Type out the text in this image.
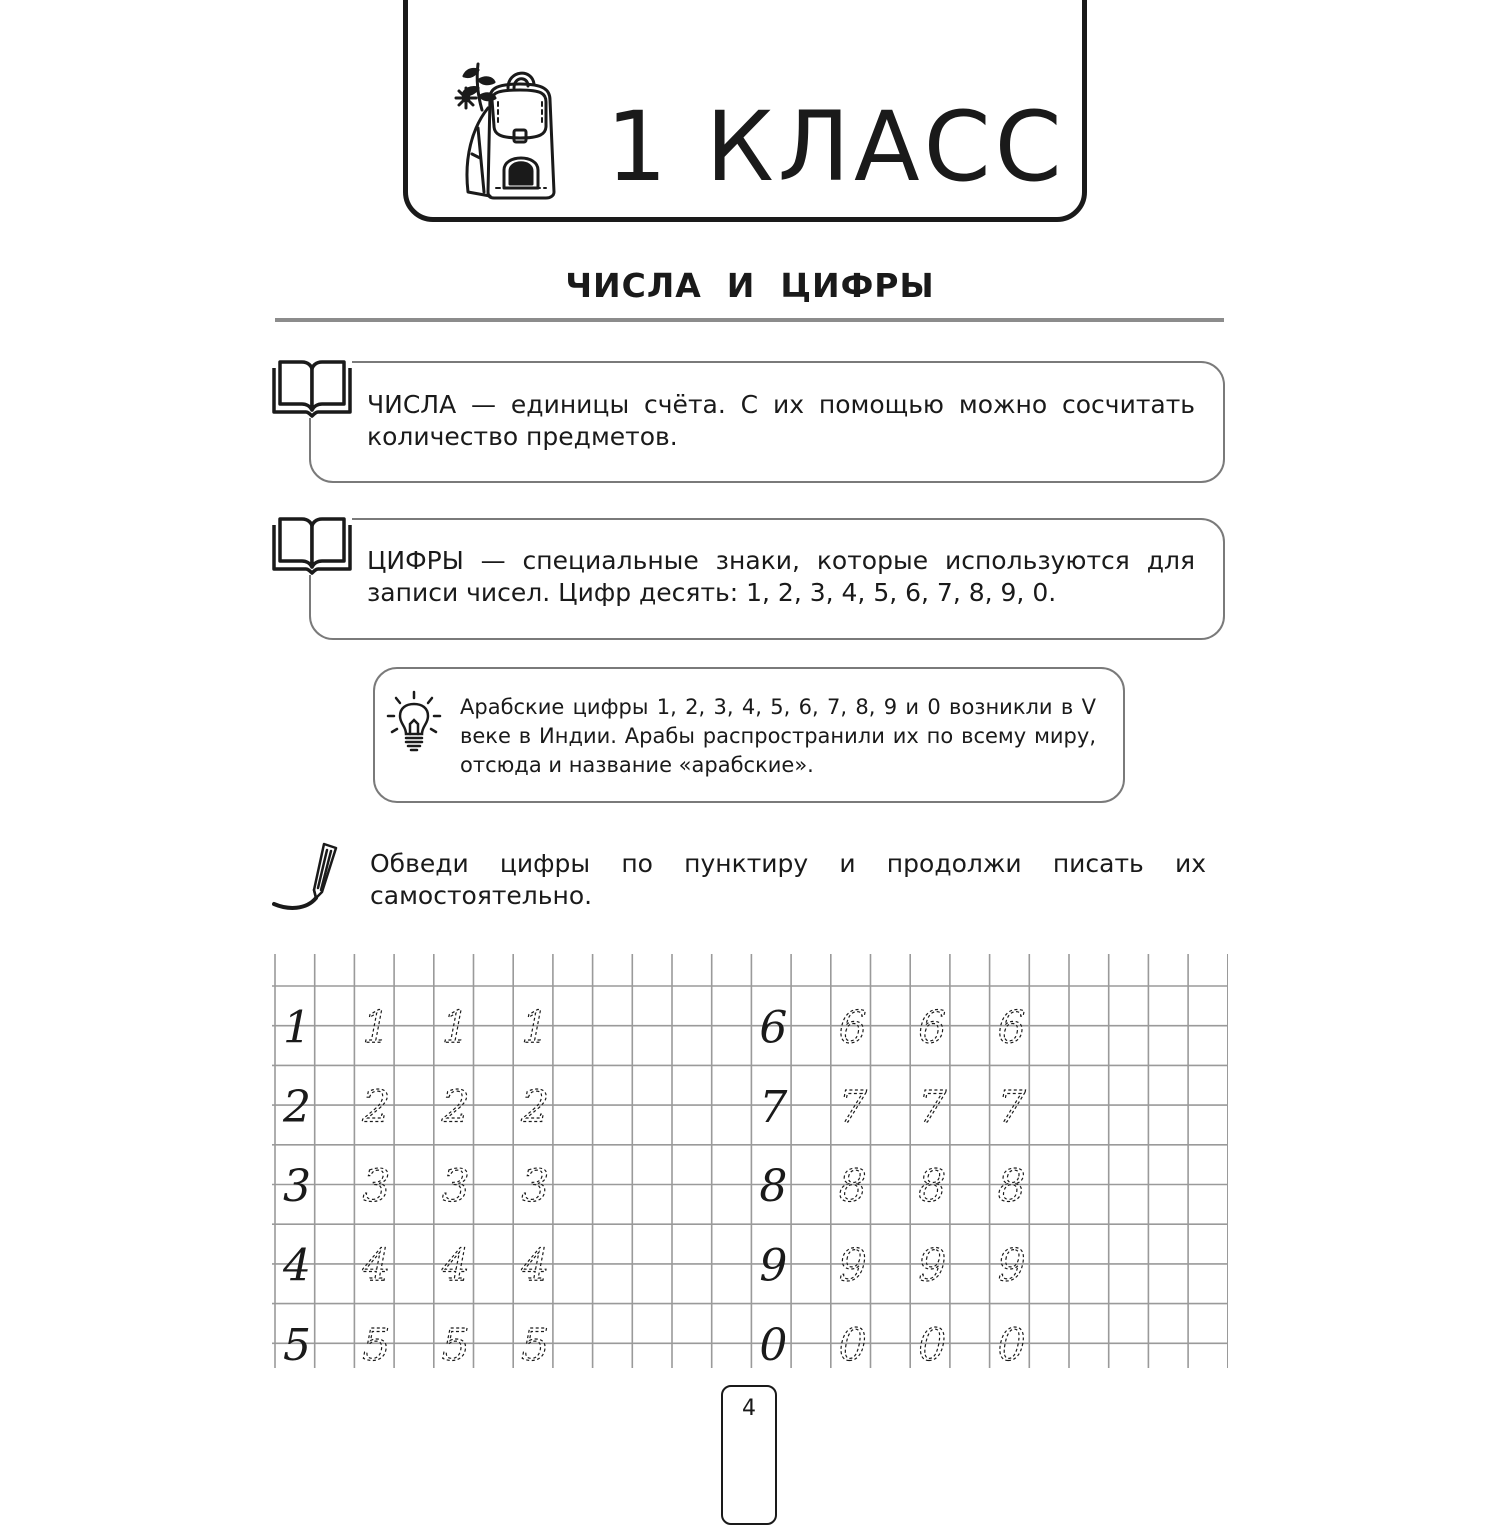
1 КЛАСС
ЧИСЛА  И  ЦИФРЫ
ЧИСЛА — единицы счёта. С их помощью можно сосчитать количество предметов.
ЦИФРЫ — специальные знаки, которые используются для записи чисел. Цифр десять: 1, 2, 3, 4, 5, 6, 7, 8, 9, 0.
Арабские цифры 1, 2, 3, 4, 5, 6, 7, 8, 9 и 0 возникли в V веке в Индии. Арабы распространили их по всему миру, отсюда и название «арабские».
Обведи цифры по пунктиру и продолжи писать их самостоятельно.
1 1 1 1
2 2 2 2
3 3 3 3
4 4 4 4
5 5 5 5
6 6 6 6
7 7 7 7
8 8 8 8
9 9 9 9
0 0 0 0
4
